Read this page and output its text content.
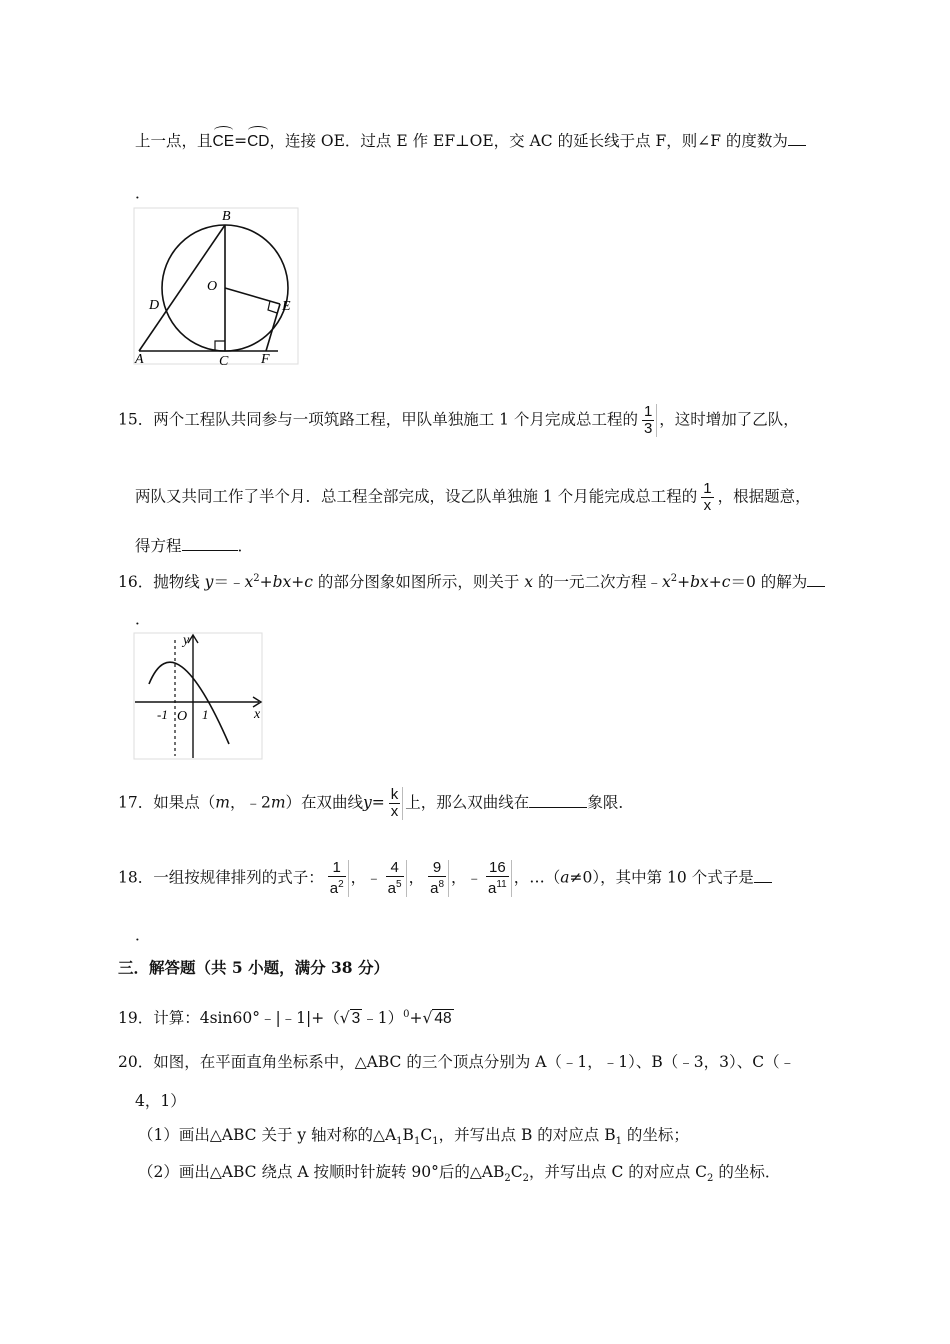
上一点，且CE=CD，连接 OE．过点 E 作 EF⊥OE，交 AC 的延长线于点 F，则∠F 的度数为
．
B
O
D	E
A	C F
15．两个工程队共同参与一项筑路工程，甲队单独施工 1 个月完成总工程的 $\frac{1}{3}$ ，这时增加了乙队，
两队又共同工作了半个月．总工程全部完成，设乙队单独施 1 个月能完成总工程的 $\frac{1}{x}$ ，根据题意，
得方程	．
16．抛物线 $y=﹣x^2+bx+c$ 的部分图象如图所示，则关于 x 的一元二次方程$﹣x^2+bx+c=0$ 的解为
．
y
x
O
-1	1
17．如果点（m，﹣2m）在双曲线$y= \frac{k}{x}$ 上，那么双曲线在	象限．
18．一组按规律排列的式子： $\frac{1}{a^2}$ ，﹣ $\frac{4}{a^5}$ ， $\frac{9}{a^8}$ ，﹣ $\frac{16}{a^{11}}$ ，…（a≠0），其中第 10 个式子是
．
三．解答题（共 5 小题，满分 38 分）
19．计算：4sin60°﹣|﹣1|+（√ 3 ﹣1）$^0$+√ 48
20．如图，在平面直角坐标系中，△ABC 的三个顶点分别为 A（﹣1，﹣1）、B（﹣3，3）、C（﹣
4，1）
（1）画出△ABC 关于 y 轴对称的$\triangle A_1B_1C_1$，并写出点 B 的对应点 $B_1$ 的坐标；
（2）画出△ABC 绕点 A 按顺时针旋转 90°后的$\triangle AB_2C_2$，并写出点 C 的对应点 $C_2$ 的坐标．
